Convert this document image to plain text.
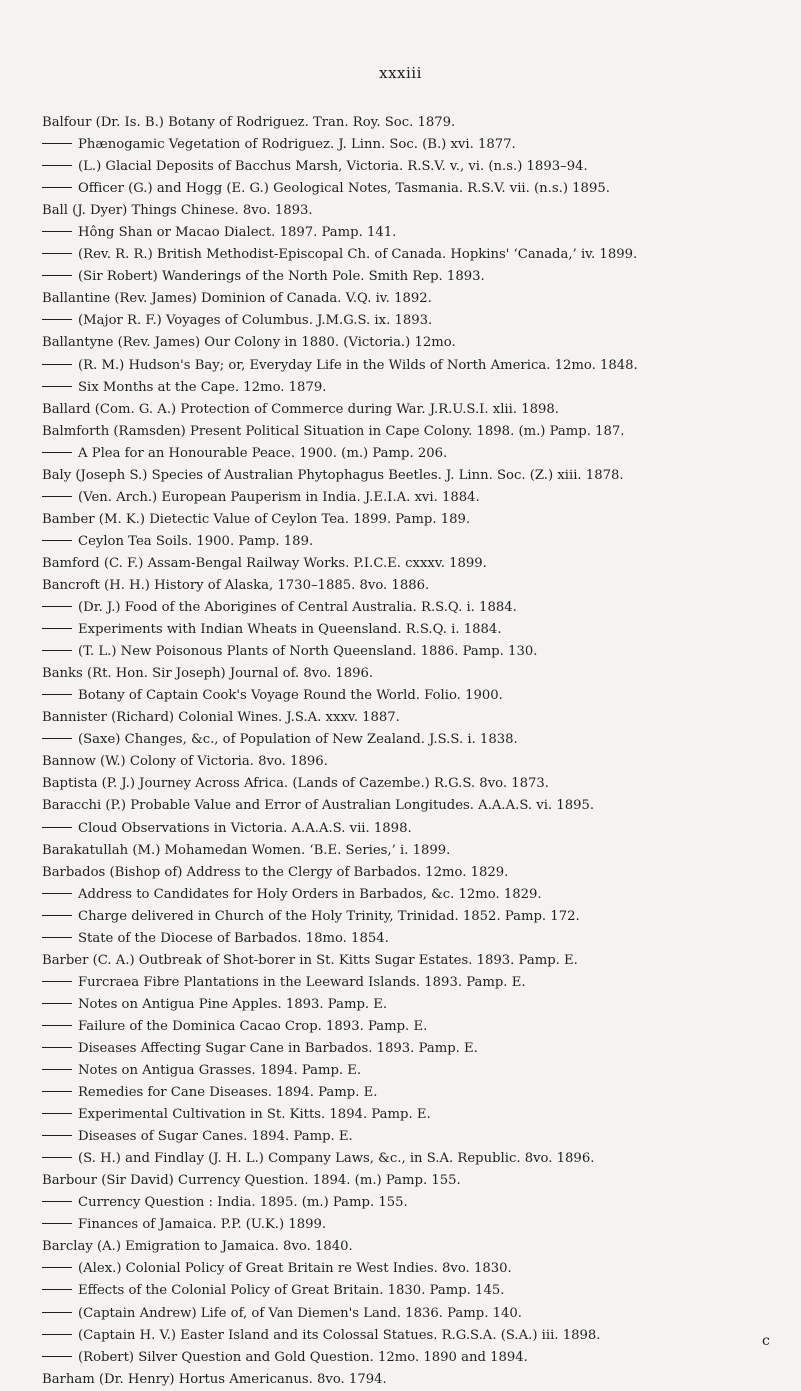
xxxiii
Balfour (Dr. Is. B.) Botany of Rodriguez. Tran. Roy. Soc. 1879.
Phænogamic Vegetation of Rodriguez. J. Linn. Soc. (B.) xvi. 1877.
(L.) Glacial Deposits of Bacchus Marsh, Victoria. R.S.V. v., vi. (n.s.) 1893–94.
Officer (G.) and Hogg (E. G.) Geological Notes, Tasmania. R.S.V. vii. (n.s.) 1895.
Ball (J. Dyer) Things Chinese. 8vo. 1893.
Hông Shan or Macao Dialect. 1897. Pamp. 141.
(Rev. R. R.) British Methodist-Episcopal Ch. of Canada. Hopkins' ‘Canada,’ iv. 1899.
(Sir Robert) Wanderings of the North Pole. Smith Rep. 1893.
Ballantine (Rev. James) Dominion of Canada. V.Q. iv. 1892.
(Major R. F.) Voyages of Columbus. J.M.G.S. ix. 1893.
Ballantyne (Rev. James) Our Colony in 1880. (Victoria.) 12mo.
(R. M.) Hudson's Bay; or, Everyday Life in the Wilds of North America. 12mo. 1848.
Six Months at the Cape. 12mo. 1879.
Ballard (Com. G. A.) Protection of Commerce during War. J.R.U.S.I. xlii. 1898.
Balmforth (Ramsden) Present Political Situation in Cape Colony. 1898. (m.) Pamp. 187.
A Plea for an Honourable Peace. 1900. (m.) Pamp. 206.
Baly (Joseph S.) Species of Australian Phytophagus Beetles. J. Linn. Soc. (Z.) xiii. 1878.
(Ven. Arch.) European Pauperism in India. J.E.I.A. xvi. 1884.
Bamber (M. K.) Dietectic Value of Ceylon Tea. 1899. Pamp. 189.
Ceylon Tea Soils. 1900. Pamp. 189.
Bamford (C. F.) Assam-Bengal Railway Works. P.I.C.E. cxxxv. 1899.
Bancroft (H. H.) History of Alaska, 1730–1885. 8vo. 1886.
(Dr. J.) Food of the Aborigines of Central Australia. R.S.Q. i. 1884.
Experiments with Indian Wheats in Queensland. R.S.Q. i. 1884.
(T. L.) New Poisonous Plants of North Queensland. 1886. Pamp. 130.
Banks (Rt. Hon. Sir Joseph) Journal of. 8vo. 1896.
Botany of Captain Cook's Voyage Round the World. Folio. 1900.
Bannister (Richard) Colonial Wines. J.S.A. xxxv. 1887.
(Saxe) Changes, &c., of Population of New Zealand. J.S.S. i. 1838.
Bannow (W.) Colony of Victoria. 8vo. 1896.
Baptista (P. J.) Journey Across Africa. (Lands of Cazembe.) R.G.S. 8vo. 1873.
Baracchi (P.) Probable Value and Error of Australian Longitudes. A.A.A.S. vi. 1895.
Cloud Observations in Victoria. A.A.A.S. vii. 1898.
Barakatullah (M.) Mohamedan Women. ‘B.E. Series,’ i. 1899.
Barbados (Bishop of) Address to the Clergy of Barbados. 12mo. 1829.
Address to Candidates for Holy Orders in Barbados, &c. 12mo. 1829.
Charge delivered in Church of the Holy Trinity, Trinidad. 1852. Pamp. 172.
State of the Diocese of Barbados. 18mo. 1854.
Barber (C. A.) Outbreak of Shot-borer in St. Kitts Sugar Estates. 1893. Pamp. E.
Furcraea Fibre Plantations in the Leeward Islands. 1893. Pamp. E.
Notes on Antigua Pine Apples. 1893. Pamp. E.
Failure of the Dominica Cacao Crop. 1893. Pamp. E.
Diseases Affecting Sugar Cane in Barbados. 1893. Pamp. E.
Notes on Antigua Grasses. 1894. Pamp. E.
Remedies for Cane Diseases. 1894. Pamp. E.
Experimental Cultivation in St. Kitts. 1894. Pamp. E.
Diseases of Sugar Canes. 1894. Pamp. E.
(S. H.) and Findlay (J. H. L.) Company Laws, &c., in S.A. Republic. 8vo. 1896.
Barbour (Sir David) Currency Question. 1894. (m.) Pamp. 155.
Currency Question : India. 1895. (m.) Pamp. 155.
Finances of Jamaica. P.P. (U.K.) 1899.
Barclay (A.) Emigration to Jamaica. 8vo. 1840.
(Alex.) Colonial Policy of Great Britain re West Indies. 8vo. 1830.
Effects of the Colonial Policy of Great Britain. 1830. Pamp. 145.
(Captain Andrew) Life of, of Van Diemen's Land. 1836. Pamp. 140.
(Captain H. V.) Easter Island and its Colossal Statues. R.G.S.A. (S.A.) iii. 1898.
(Robert) Silver Question and Gold Question. 12mo. 1890 and 1894.
Barham (Dr. Henry) Hortus Americanus. 8vo. 1794.
c
